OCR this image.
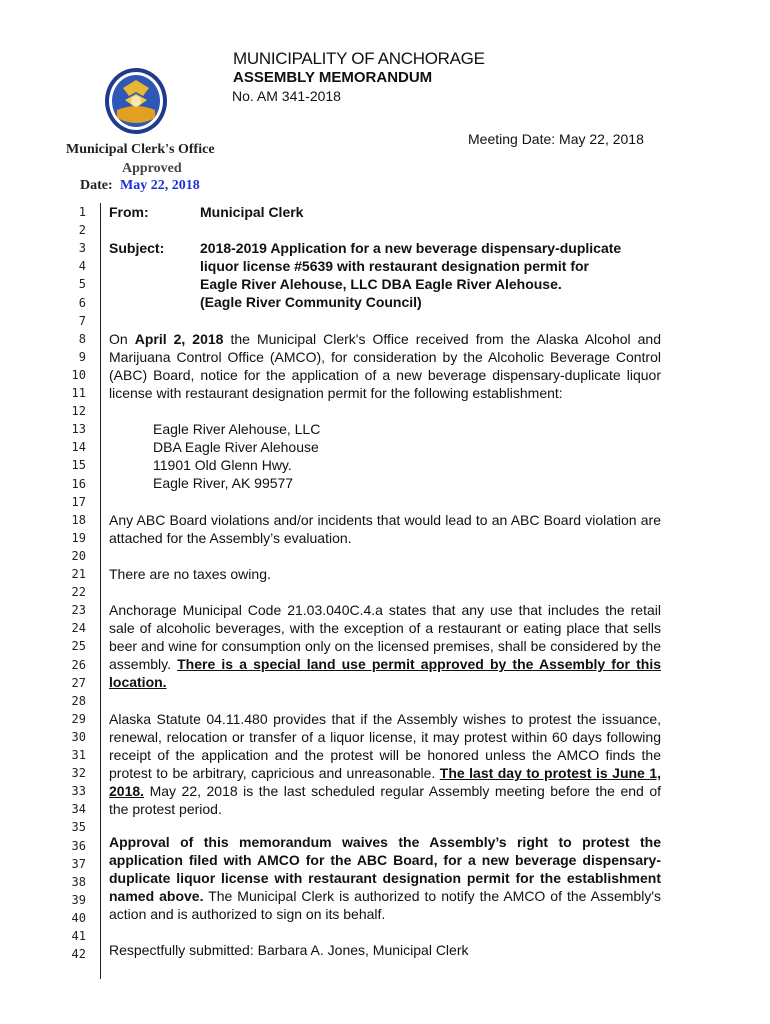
MUNICIPALITY OF ANCHORAGE
ASSEMBLY MEMORANDUM
No. AM 341-2018
Meeting Date: May 22, 2018
Municipal Clerk's Office
Approved
Date: May 22, 2018
1
2
3
4
5
6
7
8
9
10
11
12
13
14
15
16
17
18
19
20
21
22
23
24
25
26
27
28
29
30
31
32
33
34
35
36
37
38
39
40
41
42
From:	Municipal Clerk
Subject:	2018-2019 Application for a new beverage dispensary-duplicate
liquor license #5639 with restaurant designation permit for
Eagle River Alehouse, LLC DBA Eagle River Alehouse.
(Eagle River Community Council)
On April 2, 2018 the Municipal Clerk's Office received from the Alaska Alcohol and Marijuana Control Office (AMCO), for consideration by the Alcoholic Beverage Control (ABC) Board, notice for the application of a new beverage dispensary-duplicate liquor license with restaurant designation permit for the following establishment:
Eagle River Alehouse, LLC
DBA Eagle River Alehouse
11901 Old Glenn Hwy.
Eagle River, AK 99577
Any ABC Board violations and/or incidents that would lead to an ABC Board violation are attached for the Assembly’s evaluation.
There are no taxes owing.
Anchorage Municipal Code 21.03.040C.4.a states that any use that includes the retail sale of alcoholic beverages, with the exception of a restaurant or eating place that sells beer and wine for consumption only on the licensed premises, shall be considered by the assembly. There is a special land use permit approved by the Assembly for this location.
Alaska Statute 04.11.480 provides that if the Assembly wishes to protest the issuance, renewal, relocation or transfer of a liquor license, it may protest within 60 days following receipt of the application and the protest will be honored unless the AMCO finds the protest to be arbitrary, capricious and unreasonable. The last day to protest is June 1, 2018. May 22, 2018 is the last scheduled regular Assembly meeting before the end of the protest period.
Approval of this memorandum waives the Assembly’s right to protest the application filed with AMCO for the ABC Board, for a new beverage dispensary-duplicate liquor license with restaurant designation permit for the establishment named above. The Municipal Clerk is authorized to notify the AMCO of the Assembly's action and is authorized to sign on its behalf.
Respectfully submitted: Barbara A. Jones, Municipal Clerk
